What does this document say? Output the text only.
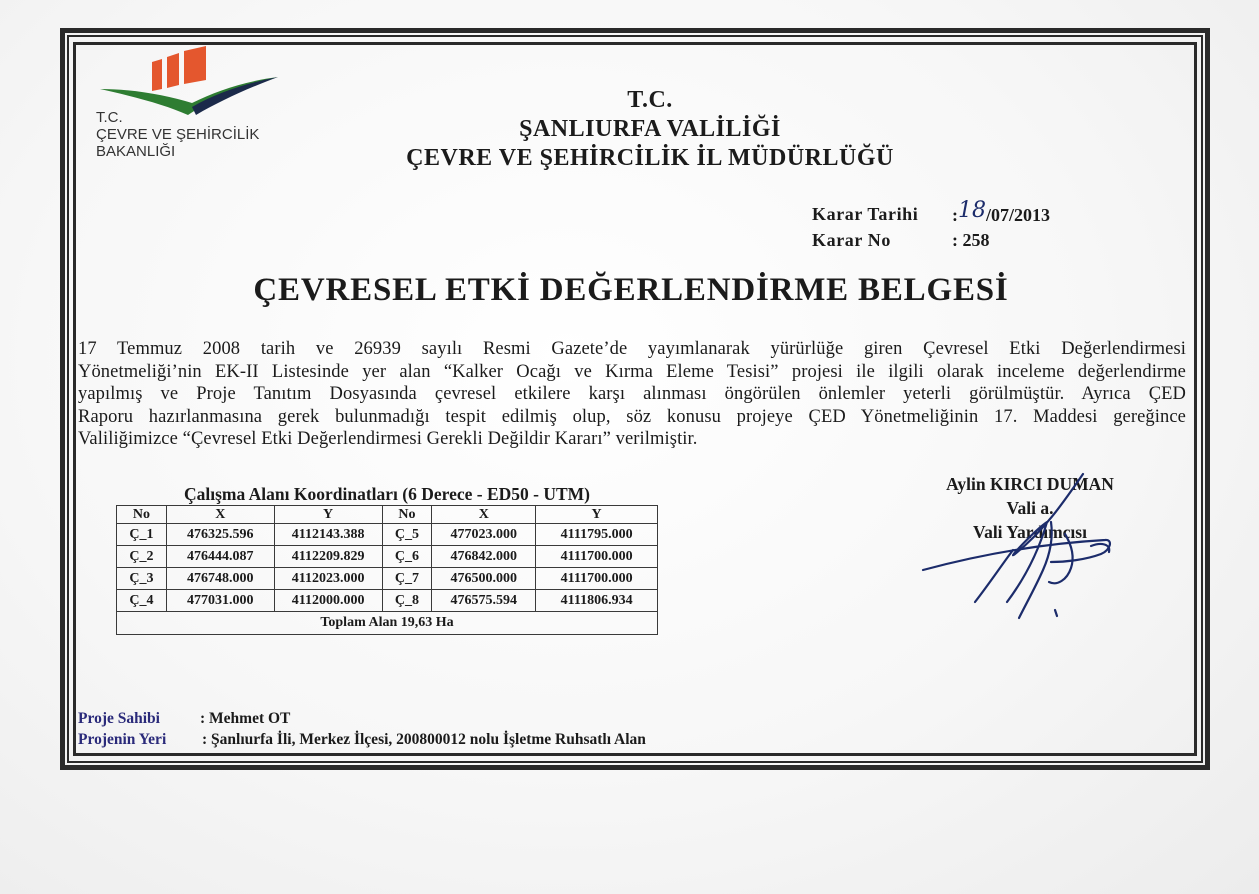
T.C.
ÇEVRE VE ŞEHİRCİLİK
BAKANLIĞI
T.C.
ŞANLIURFA VALİLİĞİ
ÇEVRE VE ŞEHİRCİLİK İL MÜDÜRLÜĞÜ
Karar Tarihi	:18/07/2013
Karar No	: 258
ÇEVRESEL ETKİ DEĞERLENDİRME BELGESİ
17 Temmuz 2008 tarih ve 26939 sayılı Resmi Gazete’de yayımlanarak yürürlüğe giren Çevresel Etki Değerlendirmesi
Yönetmeliği’nin EK-II Listesinde yer alan “Kalker Ocağı ve Kırma Eleme Tesisi” projesi ile ilgili olarak inceleme değerlendirme
yapılmış ve Proje Tanıtım Dosyasında çevresel etkilere karşı alınması öngörülen önlemler yeterli görülmüştür. Ayrıca ÇED
Raporu hazırlanmasına gerek bulunmadığı tespit edilmiş olup, söz konusu projeye ÇED Yönetmeliğinin 17. Maddesi gereğince
Valiliğimizce “Çevresel Etki Değerlendirmesi Gerekli Değildir Kararı” verilmiştir.
Çalışma Alanı Koordinatları (6 Derece - ED50 - UTM)
No	X	Y	No	X	Y
Ç_1	476325.596	4112143.388	Ç_5	477023.000	4111795.000
Ç_2	476444.087	4112209.829	Ç_6	476842.000	4111700.000
Ç_3	476748.000	4112023.000	Ç_7	476500.000	4111700.000
Ç_4	477031.000	4112000.000	Ç_8	476575.594	4111806.934
Toplam Alan 19,63 Ha					
Aylin KIRCI DUMAN
Vali a.
Vali Yardımcısı
Proje Sahibi	: Mehmet OT
Projenin Yeri : Şanlıurfa İli, Merkez İlçesi, 200800012 nolu İşletme Ruhsatlı Alan
